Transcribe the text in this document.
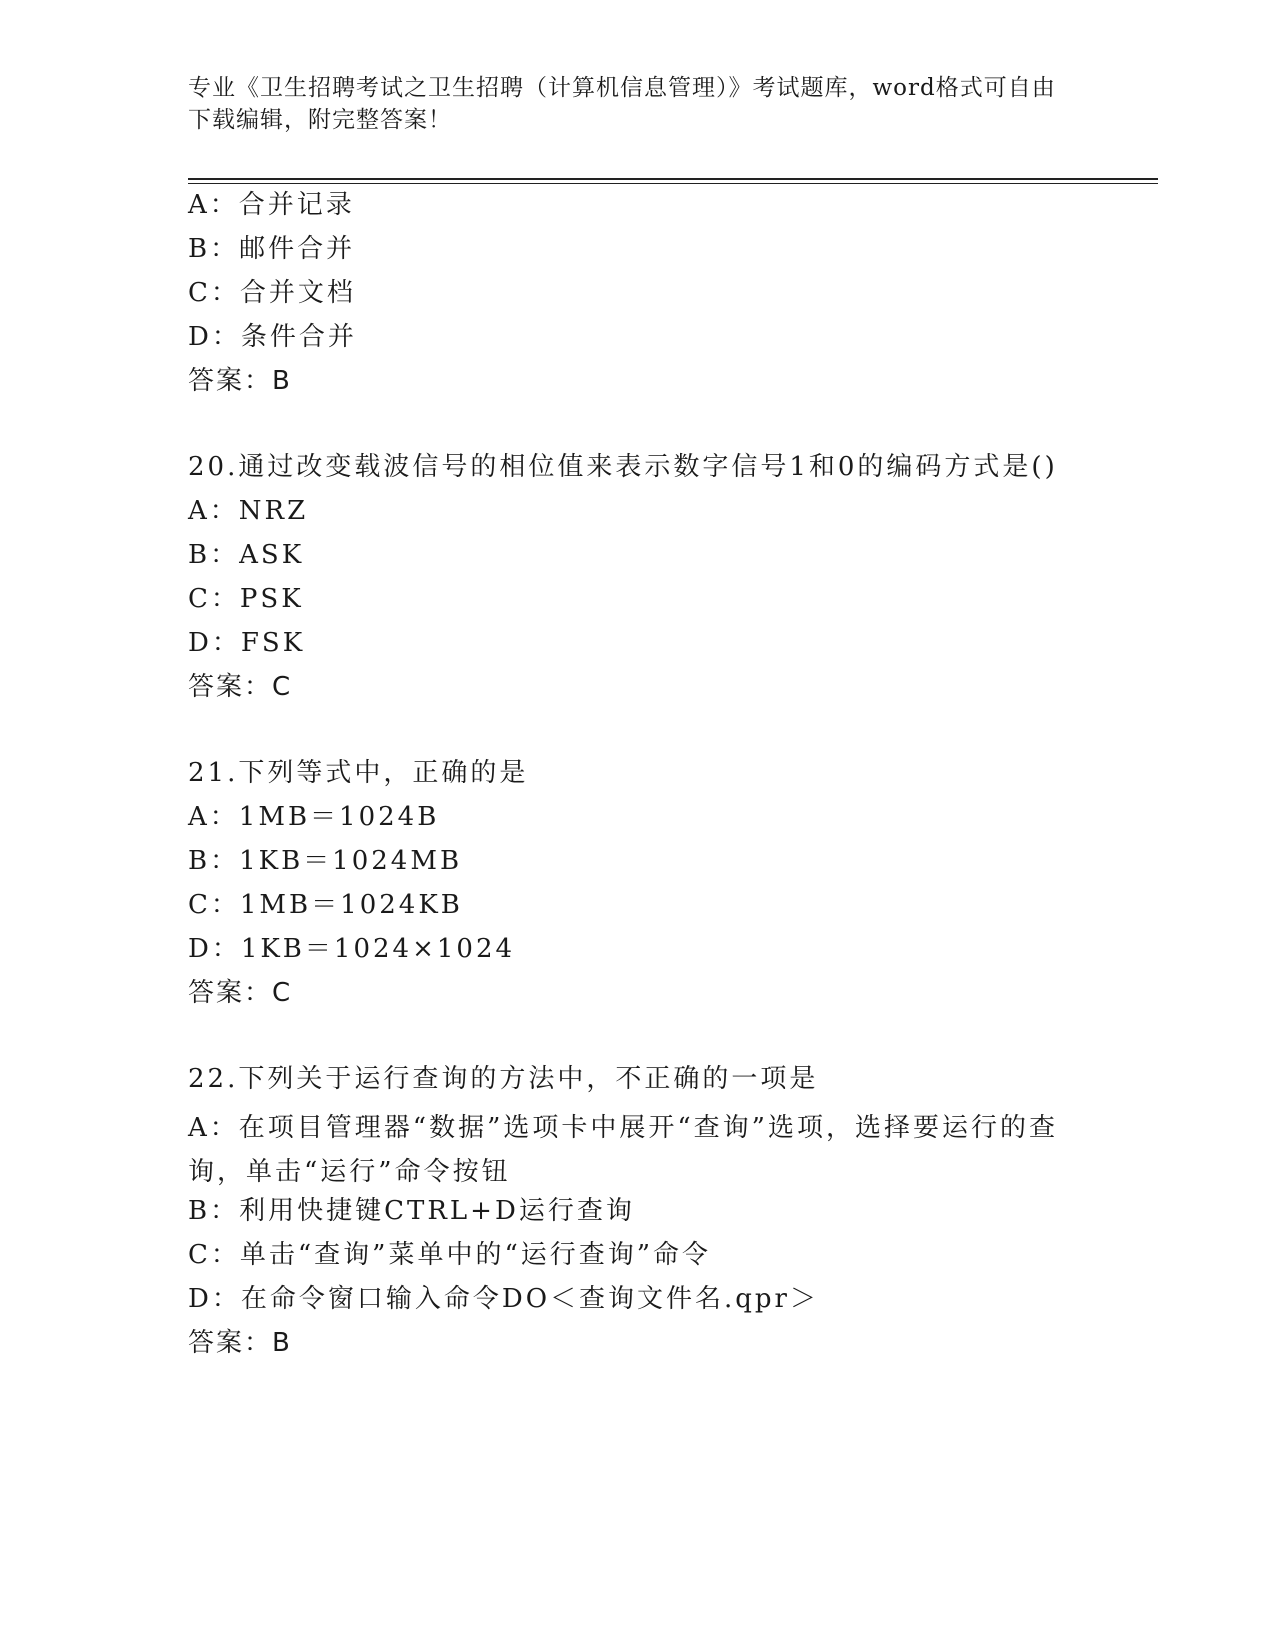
专业《卫生招聘考试之卫生招聘（计算机信息管理）》考试题库，word格式可自由下载编辑，附完整答案！
A：合并记录
B：邮件合并
C：合并文档
D：条件合并
答案：B
20.通过改变载波信号的相位值来表示数字信号1和0的编码方式是()
A：NRZ
B：ASK
C：PSK
D：FSK
答案：C
21.下列等式中，正确的是
A：1MB＝1024B
B：1KB＝1024MB
C：1MB＝1024KB
D：1KB＝1024×1024
答案：C
22.下列关于运行查询的方法中，不正确的一项是
A：在项目管理器“数据”选项卡中展开“查询”选项，选择要运行的查询，单击“运行”命令按钮
B：利用快捷键CTRL+D运行查询
C：单击“查询”菜单中的“运行查询”命令
D：在命令窗口输入命令DO＜查询文件名.qpr＞
答案：B
